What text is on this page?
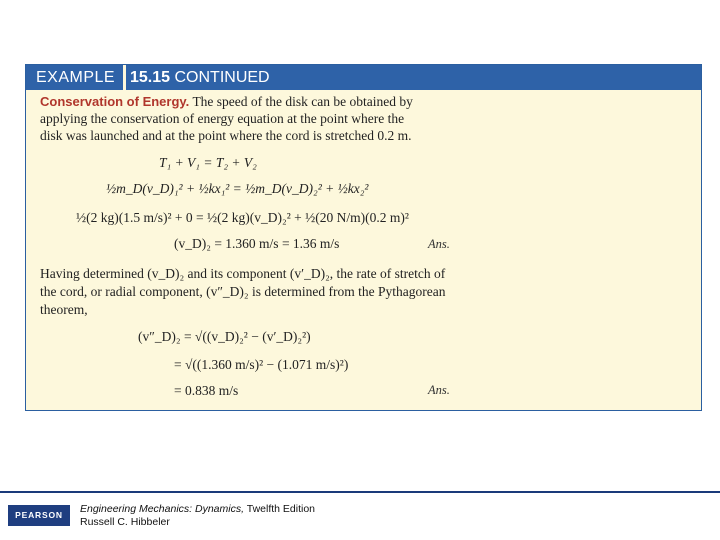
EXAMPLE 15.15 CONTINUED
Conservation of Energy. The speed of the disk can be obtained by
applying the conservation of energy equation at the point where the
disk was launched and at the point where the cord is stretched 0.2 m.
T₁ + V₁ = T₂ + V₂
½m_D(v_D)₁² + ½kx₁² = ½m_D(v_D)₂² + ½kx₂²
½(2 kg)(1.5 m/s)² + 0 = ½(2 kg)(v_D)₂² + ½(20 N/m)(0.2 m)²
(v_D)₂ = 1.360 m/s = 1.36 m/s	Ans.
Having determined (v_D)₂ and its component (v′_D)₂, the rate of stretch of
the cord, or radial component, (v″_D)₂ is determined from the Pythagorean
theorem,
(v″_D)₂ = √((v_D)₂² − (v′_D)₂²)
= √((1.360 m/s)² − (1.071 m/s)²)
= 0.838 m/s	Ans.
PEARSON	Engineering Mechanics: Dynamics, Twelfth Edition
Russell C. Hibbeler
